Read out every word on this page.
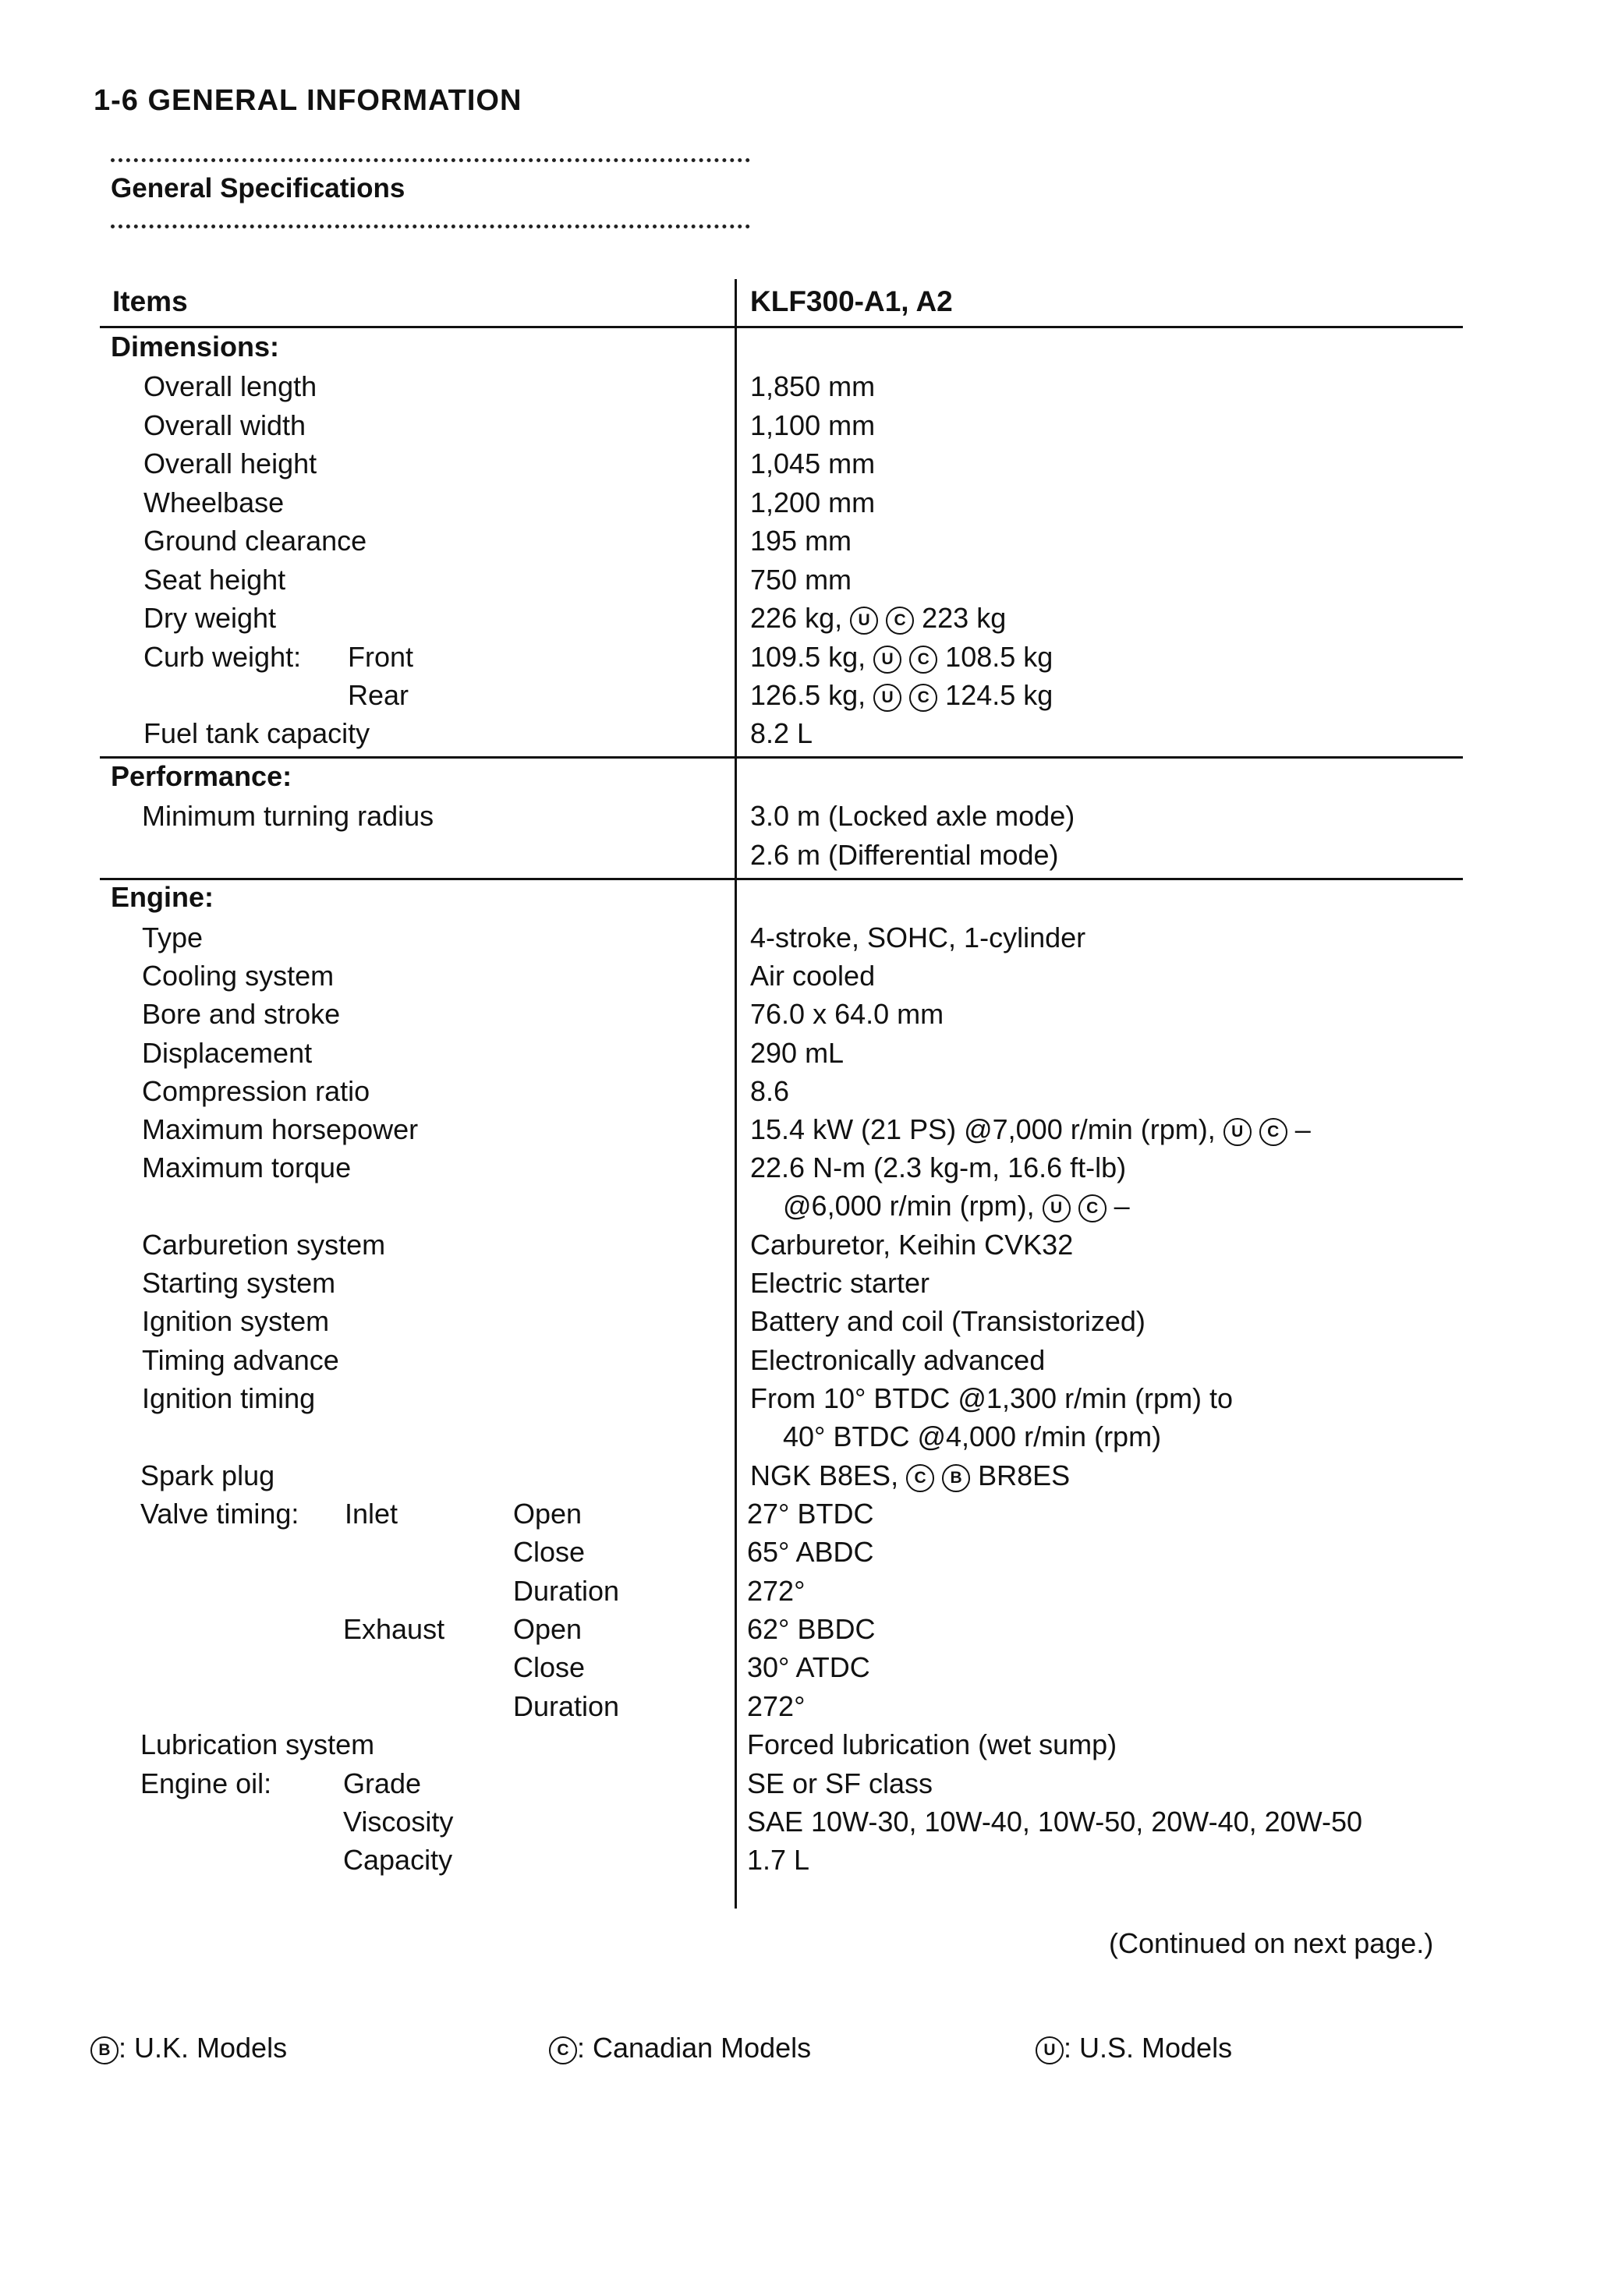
1-6 GENERAL INFORMATION
General Specifications
Items	KLF300-A1, A2
Dimensions:
Overall length	1,850 mm
Overall width	1,100 mm
Overall height	1,045 mm
Wheelbase	1,200 mm
Ground clearance	195 mm
Seat height	750 mm
Dry weight	226 kg, U C 223 kg
Curb weight: Front	109.5 kg, U C 108.5 kg
Rear	126.5 kg, U C 124.5 kg
Fuel tank capacity	8.2 L
Performance:
Minimum turning radius	3.0 m (Locked axle mode)
2.6 m (Differential mode)
Engine:
Type	4-stroke, SOHC, 1-cylinder
Cooling system	Air cooled
Bore and stroke	76.0 x 64.0 mm
Displacement	290 mL
Compression ratio	8.6
Maximum horsepower	15.4 kW (21 PS) @7,000 r/min (rpm), U C –
Maximum torque	22.6 N-m (2.3 kg-m, 16.6 ft-lb)
@6,000 r/min (rpm), U C –
Carburetion system	Carburetor, Keihin CVK32
Starting system	Electric starter
Ignition system	Battery and coil (Transistorized)
Timing advance	Electronically advanced
Ignition timing	From 10° BTDC @1,300 r/min (rpm) to
40° BTDC @4,000 r/min (rpm)
Spark plug	NGK B8ES, C B BR8ES
Valve timing: Inlet	Open	27° BTDC
Close	65° ABDC
Duration	272°
Exhaust Open	62° BBDC
Close	30° ATDC
Duration	272°
Lubrication system	Forced lubrication (wet sump)
Engine oil:	Grade	SE or SF class
Viscosity	SAE 10W-30, 10W-40, 10W-50, 20W-40, 20W-50
Capacity	1.7 L
(Continued on next page.)
B : U.K. Models	C : Canadian Models	U : U.S. Models
